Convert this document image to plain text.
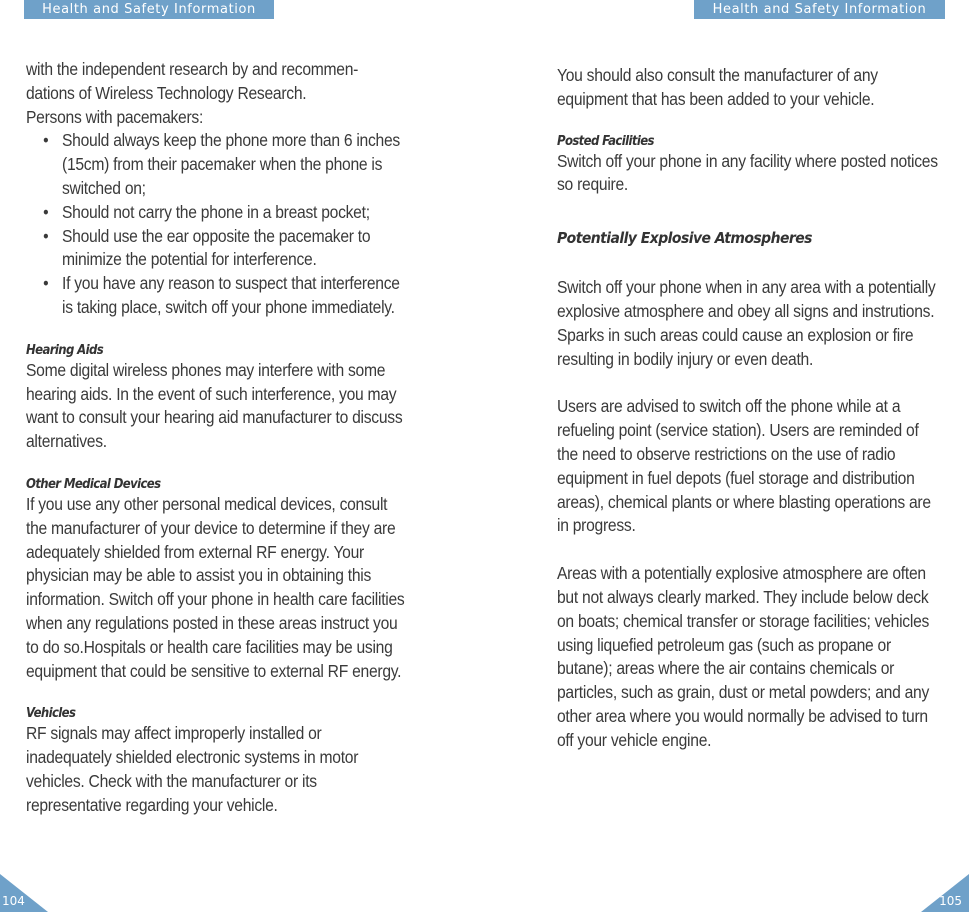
Health and Safety Information	Health and Safety Information

with the independent research by and recommen-

dations of Wireless Technology Research.

Persons with pacemakers:

• Should always keep the phone more than 6 inches (15cm) from their pacemaker when the phone is switched on;
• Should not carry the phone in a breast pocket;
• Should use the ear opposite the pacemaker to minimize the potential for interference.
• If you have any reason to suspect that interference is taking place, switch off your phone immediately.

Hearing Aids

Some digital wireless phones may interfere with some hearing aids. In the event of such interference, you may want to consult your hearing aid manufacturer to discuss alternatives.

Other Medical Devices

If you use any other personal medical devices, consult the manufacturer of your device to determine if they are adequately shielded from external RF energy. Your physician may be able to assist you in obtaining this information. Switch off your phone in health care facilities when any regulations posted in these areas instruct you to do so.Hospitals or health care facilities may be using equipment that could be sensitive to external RF energy.

Vehicles

RF signals may affect improperly installed or inadequately shielded electronic systems in motor vehicles. Check with the manufacturer or its representative regarding your vehicle.

You should also consult the manufacturer of any equipment that has been added to your vehicle.

Posted Facilities

Switch off your phone in any facility where posted notices so require.

Potentially Explosive Atmospheres

Switch off your phone when in any area with a potentially explosive atmosphere and obey all signs and instrutions. Sparks in such areas could cause an explosion or fire resulting in bodily injury or even death.

Users are advised to switch off the phone while at a refueling point (service station). Users are reminded of the need to observe restrictions on the use of radio equipment in fuel depots (fuel storage and distribution areas), chemical plants or where blasting operations are in progress.

Areas with a potentially explosive atmosphere are often but not always clearly marked. They include below deck on boats; chemical transfer or storage facilities; vehicles using liquefied petroleum gas (such as propane or butane); areas where the air contains chemicals or particles, such as grain, dust or metal powders; and any other area where you would normally be advised to turn off your vehicle engine.

104	105
